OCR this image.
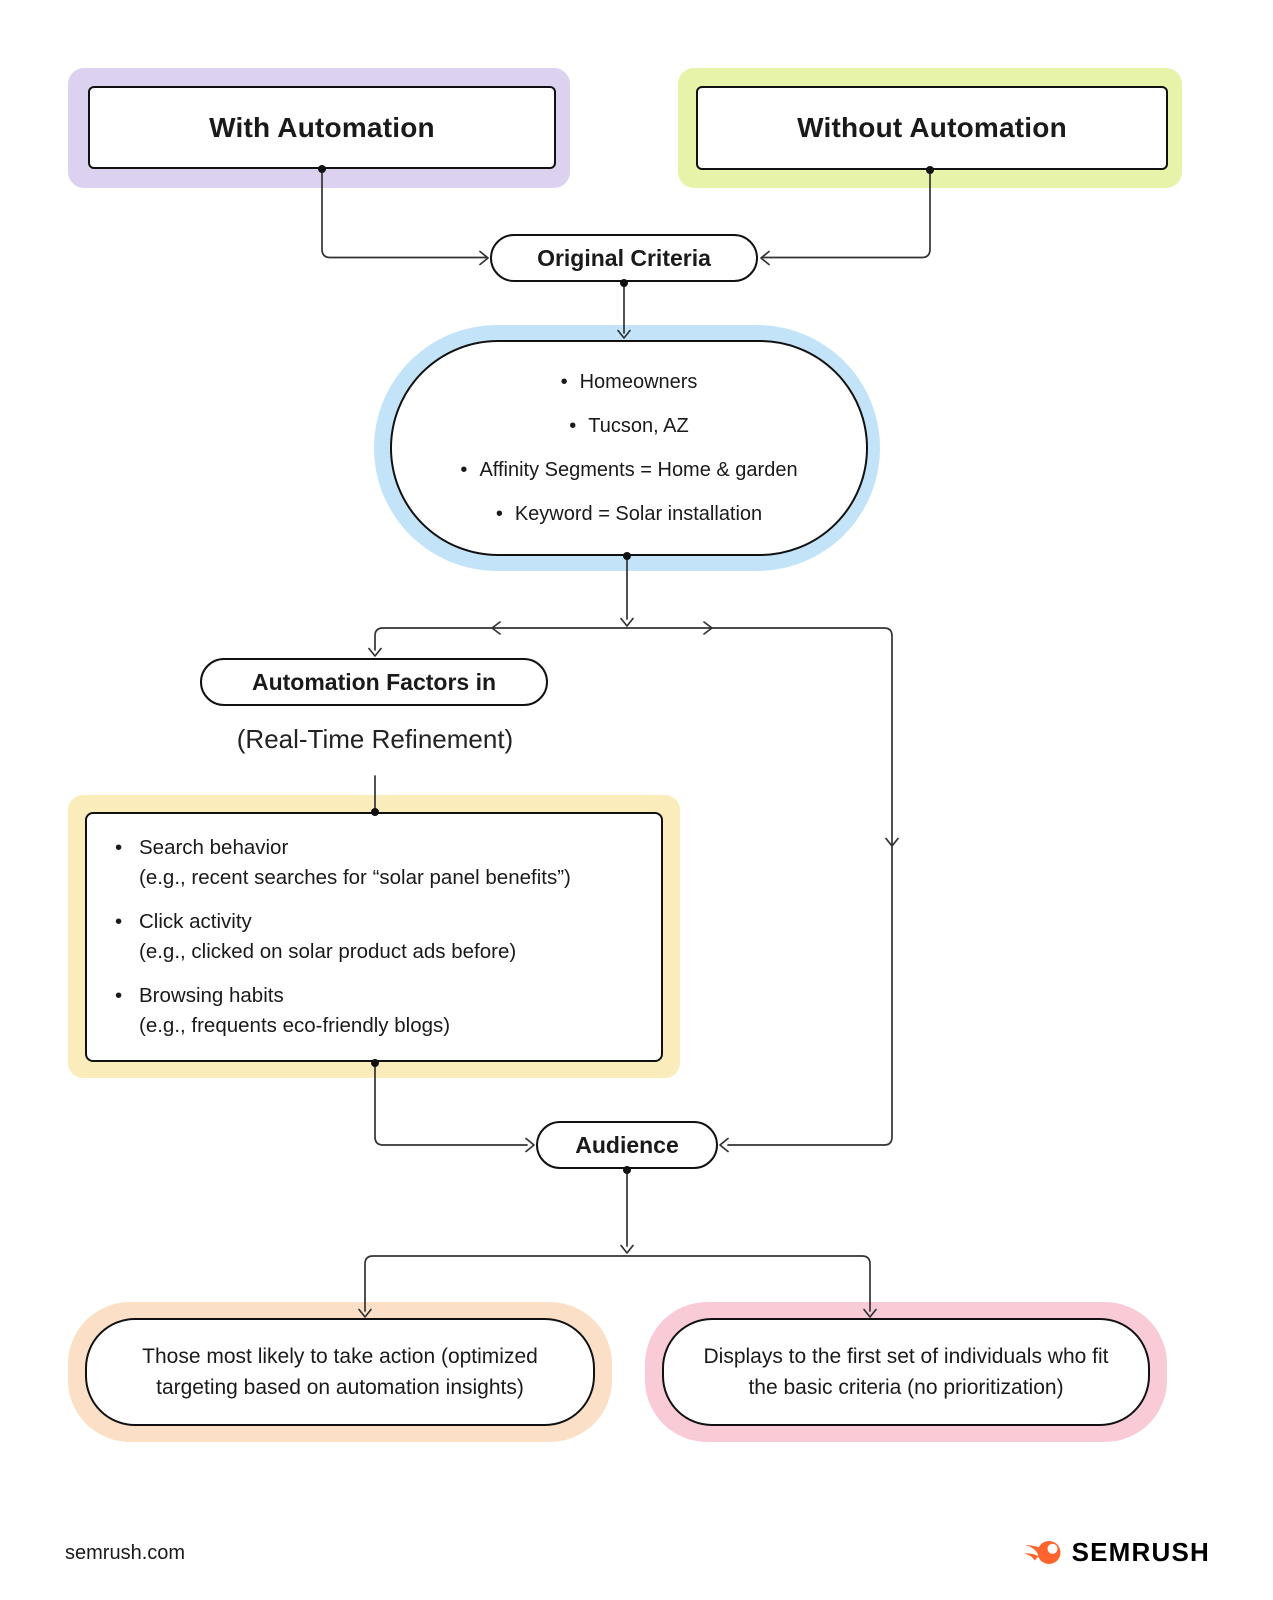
With Automation	Without Automation
Original Criteria
• Homeowners
• Tucson, AZ
• Affinity Segments = Home & garden
• Keyword = Solar installation
Automation Factors in
(Real-Time Refinement)
• Search behavior
(e.g., recent searches for “solar panel benefits”)
• Click activity
(e.g., clicked on solar product ads before)
• Browsing habits
(e.g., frequents eco-friendly blogs)
Audience
Those most likely to take action (optimized targeting based on automation insights)
Displays to the first set of individuals who fit the basic criteria (no prioritization)
semrush.com	SEMRUSH
